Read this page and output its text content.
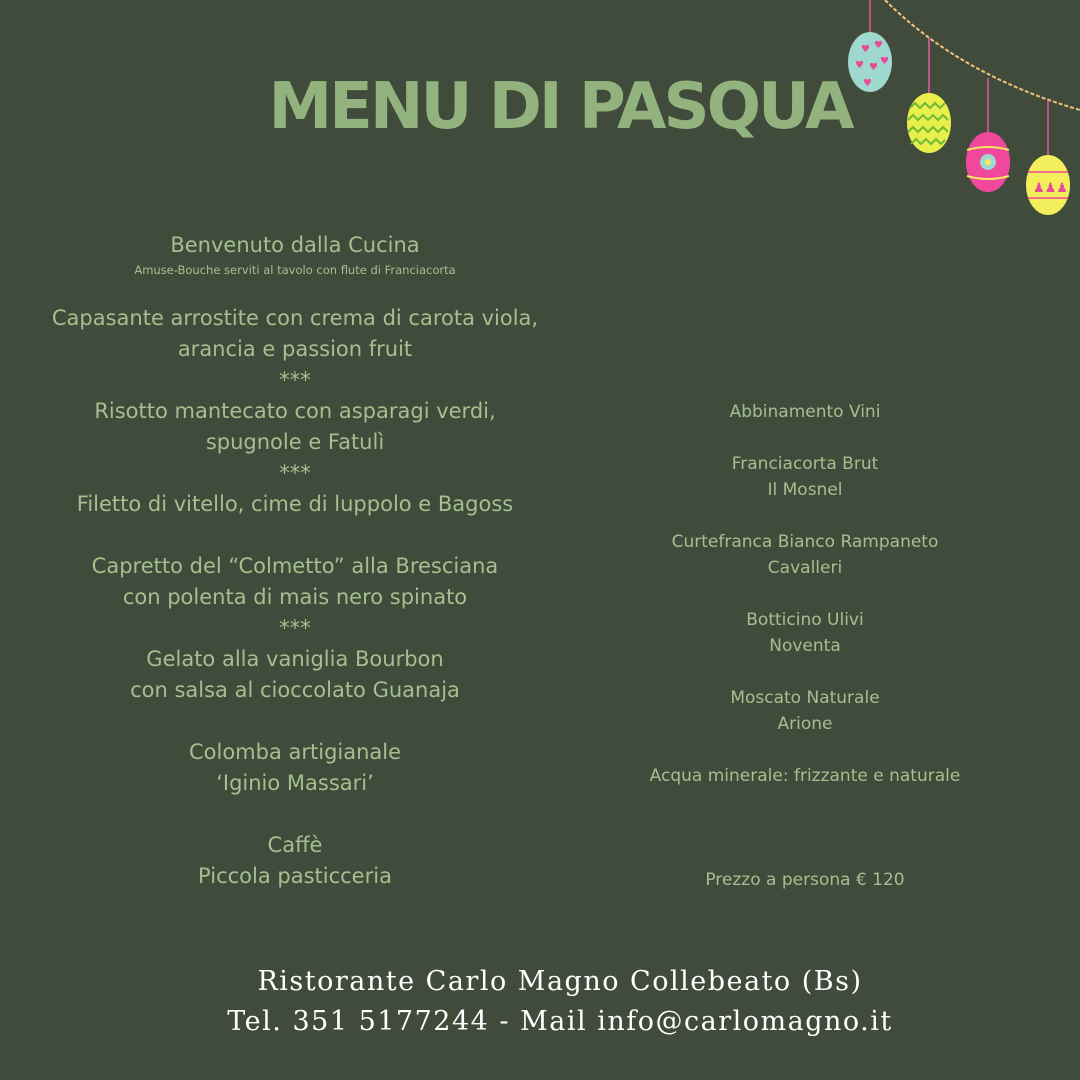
MENU DI PASQUA
♥ ♥
♥ ♥
♥
♥
♟♟♟
Benvenuto dalla Cucina
Amuse-Bouche serviti al tavolo con flute di Franciacorta
Capasante arrostite con crema di carota viola,
arancia e passion fruit
***
Risotto mantecato con asparagi verdi,
spugnole e Fatulì
***
Filetto di vitello, cime di luppolo e Bagoss
Capretto del “Colmetto” alla Bresciana
con polenta di mais nero spinato
***
Gelato alla vaniglia Bourbon
con salsa al cioccolato Guanaja
Colomba artigianale
‘Iginio Massari’
Caffè
Piccola pasticceria
Abbinamento Vini
Franciacorta Brut
Il Mosnel
Curtefranca Bianco Rampaneto
Cavalleri
Botticino Ulivi
Noventa
Moscato Naturale
Arione
Acqua minerale: frizzante e naturale
Prezzo a persona € 120
Ristorante Carlo Magno Collebeato (Bs)
Tel. 351 5177244 - Mail info@carlomagno.it
